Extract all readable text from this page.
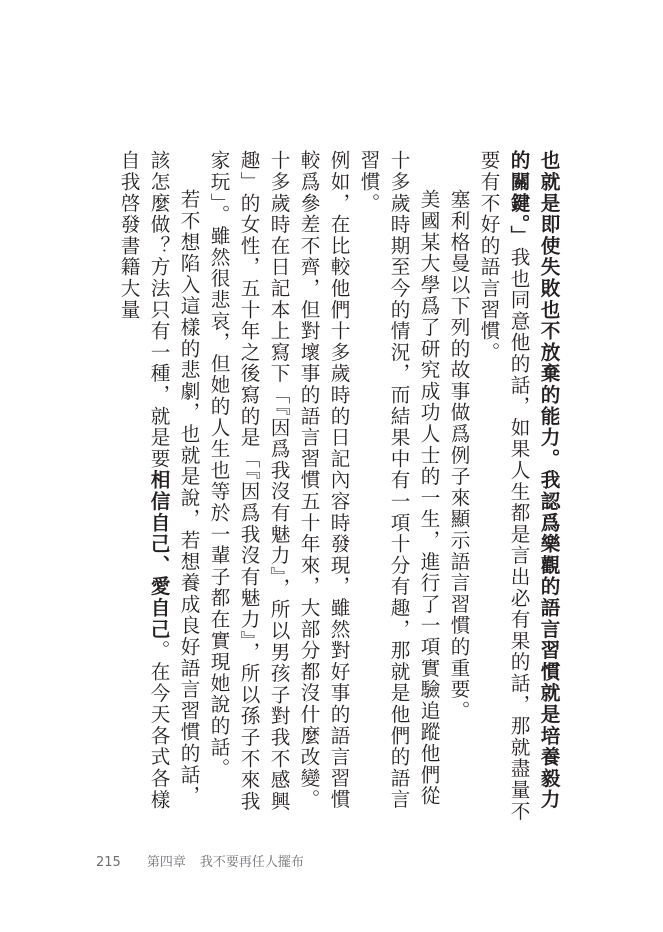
也就是即使失敗也不放棄的能力。我認爲樂觀的語言習慣就是培養毅力的關鍵。」我也同意他的話，如果人生都是言出必有果的話，那就盡量不要有不好的語言習慣。

塞利格曼以下列的故事做爲例子來顯示語言習慣的重要。

美國某大學爲了研究成功人士的一生，進行了一項實驗追蹤他們從十多歲時期至今的情況，而結果中有一項十分有趣，那就是他們的語言習慣。

例如，在比較他們十多歲時的日記內容時發現，雖然對好事的語言習慣較爲參差不齊，但對壞事的語言習慣五十年來，大部分都沒什麼改變。十多歲時在日記本上寫下「『因爲我沒有魅力』，所以男孩子對我不感興趣」的女性，五十年之後寫的是「『因爲我沒有魅力』，所以孫子不來我家玩」。雖然很悲哀，但她的人生也等於一輩子都在實現她說的話。

若不想陷入這樣的悲劇，也就是說，若想養成良好語言習慣的話，該怎麼做？方法只有一種，就是要相信自己、愛自己。在今天各式各樣自我啓發書籍大量

215 第四章 我不要再任人擺布
